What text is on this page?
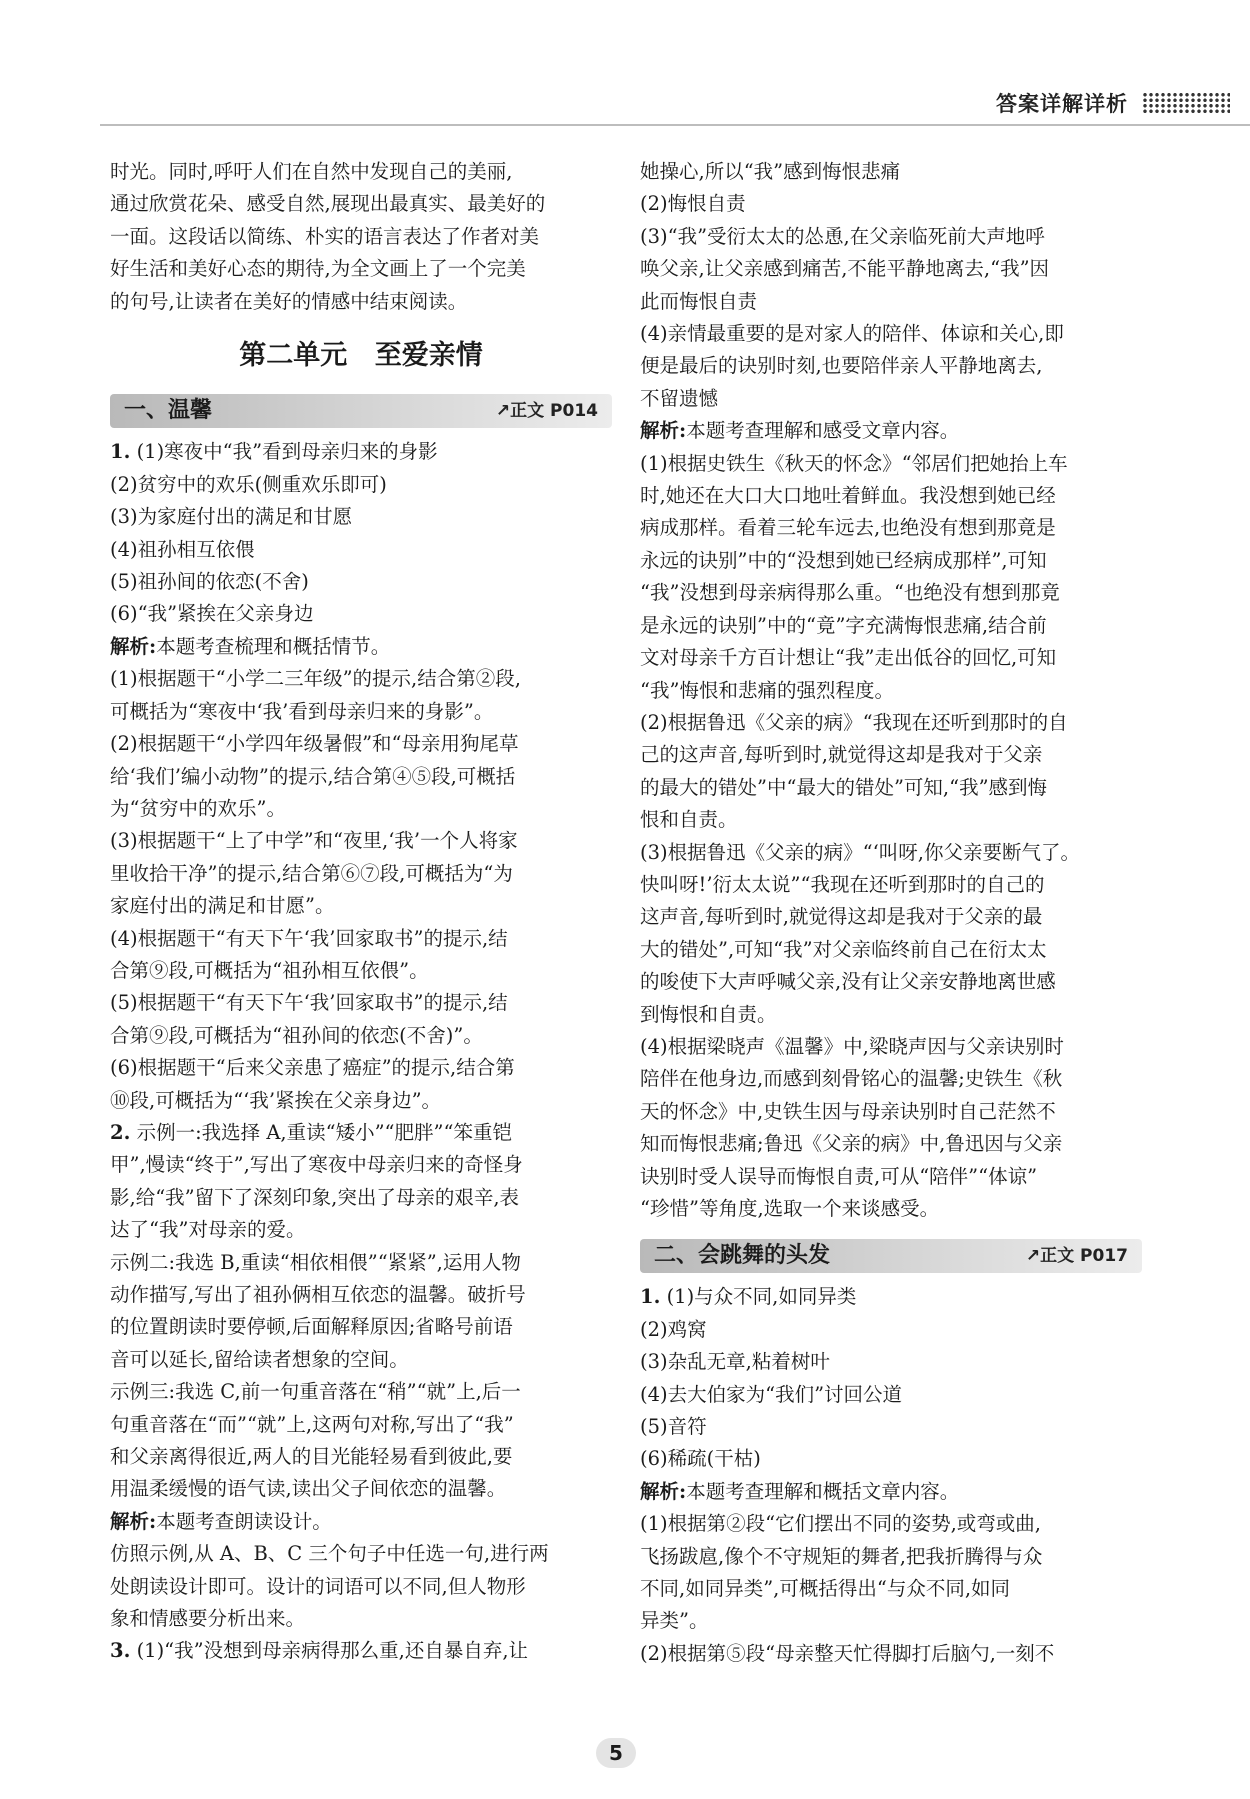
答案详解详析
时光。同时,呼吁人们在自然中发现自己的美丽,
通过欣赏花朵、感受自然,展现出最真实、最美好的
一面。这段话以简练、朴实的语言表达了作者对美
好生活和美好心态的期待,为全文画上了一个完美
的句号,让读者在美好的情感中结束阅读。
第二单元 至爱亲情
一、温馨	↗正文 P014
1. (1)寒夜中“我”看到母亲归来的身影
(2)贫穷中的欢乐(侧重欢乐即可)
(3)为家庭付出的满足和甘愿
(4)祖孙相互依偎
(5)祖孙间的依恋(不舍)
(6)“我”紧挨在父亲身边
解析:本题考查梳理和概括情节。
(1)根据题干“小学二三年级”的提示,结合第②段,
可概括为“寒夜中‘我’看到母亲归来的身影”。
(2)根据题干“小学四年级暑假”和“母亲用狗尾草
给‘我们’编小动物”的提示,结合第④⑤段,可概括
为“贫穷中的欢乐”。
(3)根据题干“上了中学”和“夜里,‘我’一个人将家
里收拾干净”的提示,结合第⑥⑦段,可概括为“为
家庭付出的满足和甘愿”。
(4)根据题干“有天下午‘我’回家取书”的提示,结
合第⑨段,可概括为“祖孙相互依偎”。
(5)根据题干“有天下午‘我’回家取书”的提示,结
合第⑨段,可概括为“祖孙间的依恋(不舍)”。
(6)根据题干“后来父亲患了癌症”的提示,结合第
⑩段,可概括为“‘我’紧挨在父亲身边”。
2. 示例一:我选择 A,重读“矮小”“肥胖”“笨重铠
甲”,慢读“终于”,写出了寒夜中母亲归来的奇怪身
影,给“我”留下了深刻印象,突出了母亲的艰辛,表
达了“我”对母亲的爱。
示例二:我选 B,重读“相依相偎”“紧紧”,运用人物
动作描写,写出了祖孙俩相互依恋的温馨。破折号
的位置朗读时要停顿,后面解释原因;省略号前语
音可以延长,留给读者想象的空间。
示例三:我选 C,前一句重音落在“稍”“就”上,后一
句重音落在“而”“就”上,这两句对称,写出了“我”
和父亲离得很近,两人的目光能轻易看到彼此,要
用温柔缓慢的语气读,读出父子间依恋的温馨。
解析:本题考查朗读设计。
仿照示例,从 A、B、C 三个句子中任选一句,进行两
处朗读设计即可。设计的词语可以不同,但人物形
象和情感要分析出来。
3. (1)“我”没想到母亲病得那么重,还自暴自弃,让
她操心,所以“我”感到悔恨悲痛
(2)悔恨自责
(3)“我”受衍太太的怂恿,在父亲临死前大声地呼
唤父亲,让父亲感到痛苦,不能平静地离去,“我”因
此而悔恨自责
(4)亲情最重要的是对家人的陪伴、体谅和关心,即
便是最后的诀别时刻,也要陪伴亲人平静地离去,
不留遗憾
解析:本题考查理解和感受文章内容。
(1)根据史铁生《秋天的怀念》“邻居们把她抬上车
时,她还在大口大口地吐着鲜血。我没想到她已经
病成那样。看着三轮车远去,也绝没有想到那竟是
永远的诀别”中的“没想到她已经病成那样”,可知
“我”没想到母亲病得那么重。“也绝没有想到那竟
是永远的诀别”中的“竟”字充满悔恨悲痛,结合前
文对母亲千方百计想让“我”走出低谷的回忆,可知
“我”悔恨和悲痛的强烈程度。
(2)根据鲁迅《父亲的病》“我现在还听到那时的自
己的这声音,每听到时,就觉得这却是我对于父亲
的最大的错处”中“最大的错处”可知,“我”感到悔
恨和自责。
(3)根据鲁迅《父亲的病》“‘叫呀,你父亲要断气了。
快叫呀!’衍太太说”“我现在还听到那时的自己的
这声音,每听到时,就觉得这却是我对于父亲的最
大的错处”,可知“我”对父亲临终前自己在衍太太
的唆使下大声呼喊父亲,没有让父亲安静地离世感
到悔恨和自责。
(4)根据梁晓声《温馨》中,梁晓声因与父亲诀别时
陪伴在他身边,而感到刻骨铭心的温馨;史铁生《秋
天的怀念》中,史铁生因与母亲诀别时自己茫然不
知而悔恨悲痛;鲁迅《父亲的病》中,鲁迅因与父亲
诀别时受人误导而悔恨自责,可从“陪伴”“体谅”
“珍惜”等角度,选取一个来谈感受。
二、会跳舞的头发	↗正文 P017
1. (1)与众不同,如同异类
(2)鸡窝
(3)杂乱无章,粘着树叶
(4)去大伯家为“我们”讨回公道
(5)音符
(6)稀疏(干枯)
解析:本题考查理解和概括文章内容。
(1)根据第②段“它们摆出不同的姿势,或弯或曲,
飞扬跋扈,像个不守规矩的舞者,把我折腾得与众
不同,如同异类”,可概括得出“与众不同,如同
异类”。
(2)根据第⑤段“母亲整天忙得脚打后脑勺,一刻不
5
